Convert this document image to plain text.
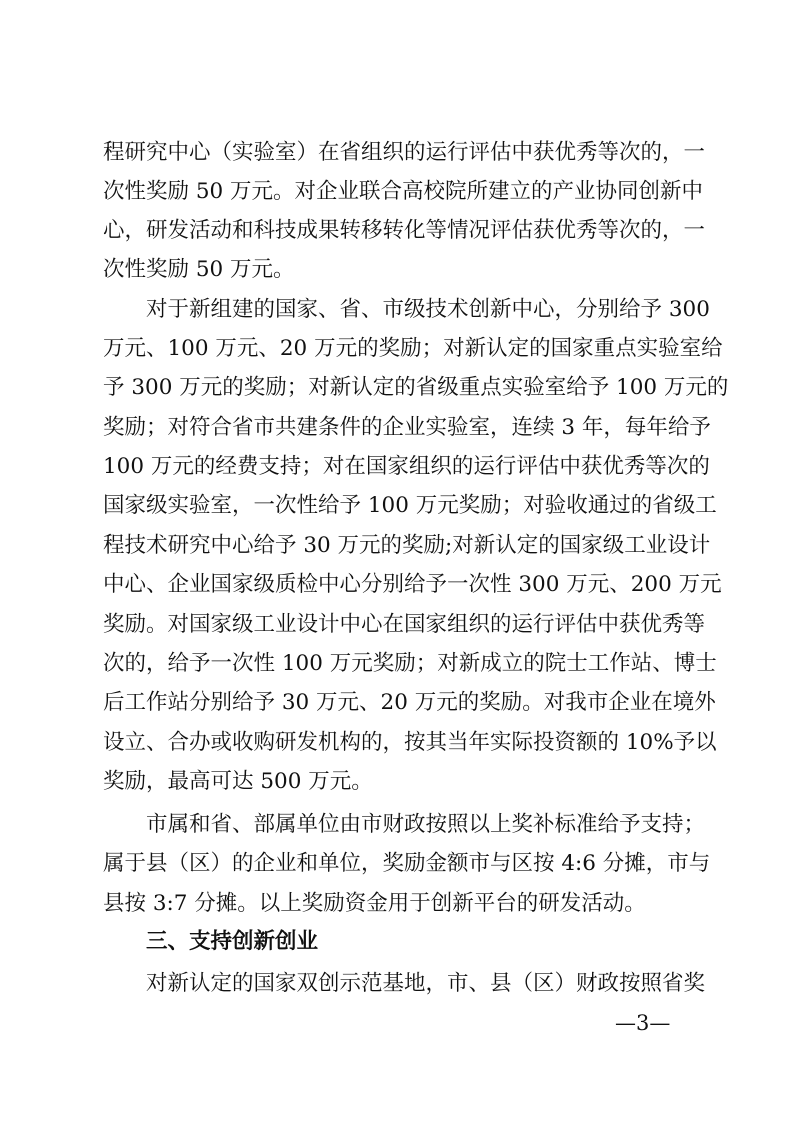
程研究中心（实验室）在省组织的运行评估中获优秀等次的，一
次性奖励 50 万元。对企业联合高校院所建立的产业协同创新中
心，研发活动和科技成果转移转化等情况评估获优秀等次的，一
次性奖励 50 万元。
对于新组建的国家、省、市级技术创新中心，分别给予 300
万元、100 万元、20 万元的奖励；对新认定的国家重点实验室给
予 300 万元的奖励；对新认定的省级重点实验室给予 100 万元的
奖励；对符合省市共建条件的企业实验室，连续 3 年，每年给予
100 万元的经费支持；对在国家组织的运行评估中获优秀等次的
国家级实验室，一次性给予 100 万元奖励；对验收通过的省级工
程技术研究中心给予 30 万元的奖励;对新认定的国家级工业设计
中心、企业国家级质检中心分别给予一次性 300 万元、200 万元
奖励。对国家级工业设计中心在国家组织的运行评估中获优秀等
次的，给予一次性 100 万元奖励；对新成立的院士工作站、博士
后工作站分别给予 30 万元、20 万元的奖励。对我市企业在境外
设立、合办或收购研发机构的，按其当年实际投资额的 10%予以
奖励，最高可达 500 万元。
市属和省、部属单位由市财政按照以上奖补标准给予支持；
属于县（区）的企业和单位，奖励金额市与区按 4:6 分摊，市与
县按 3:7 分摊。以上奖励资金用于创新平台的研发活动。
三、支持创新创业
对新认定的国家双创示范基地，市、县（区）财政按照省奖
—3—
